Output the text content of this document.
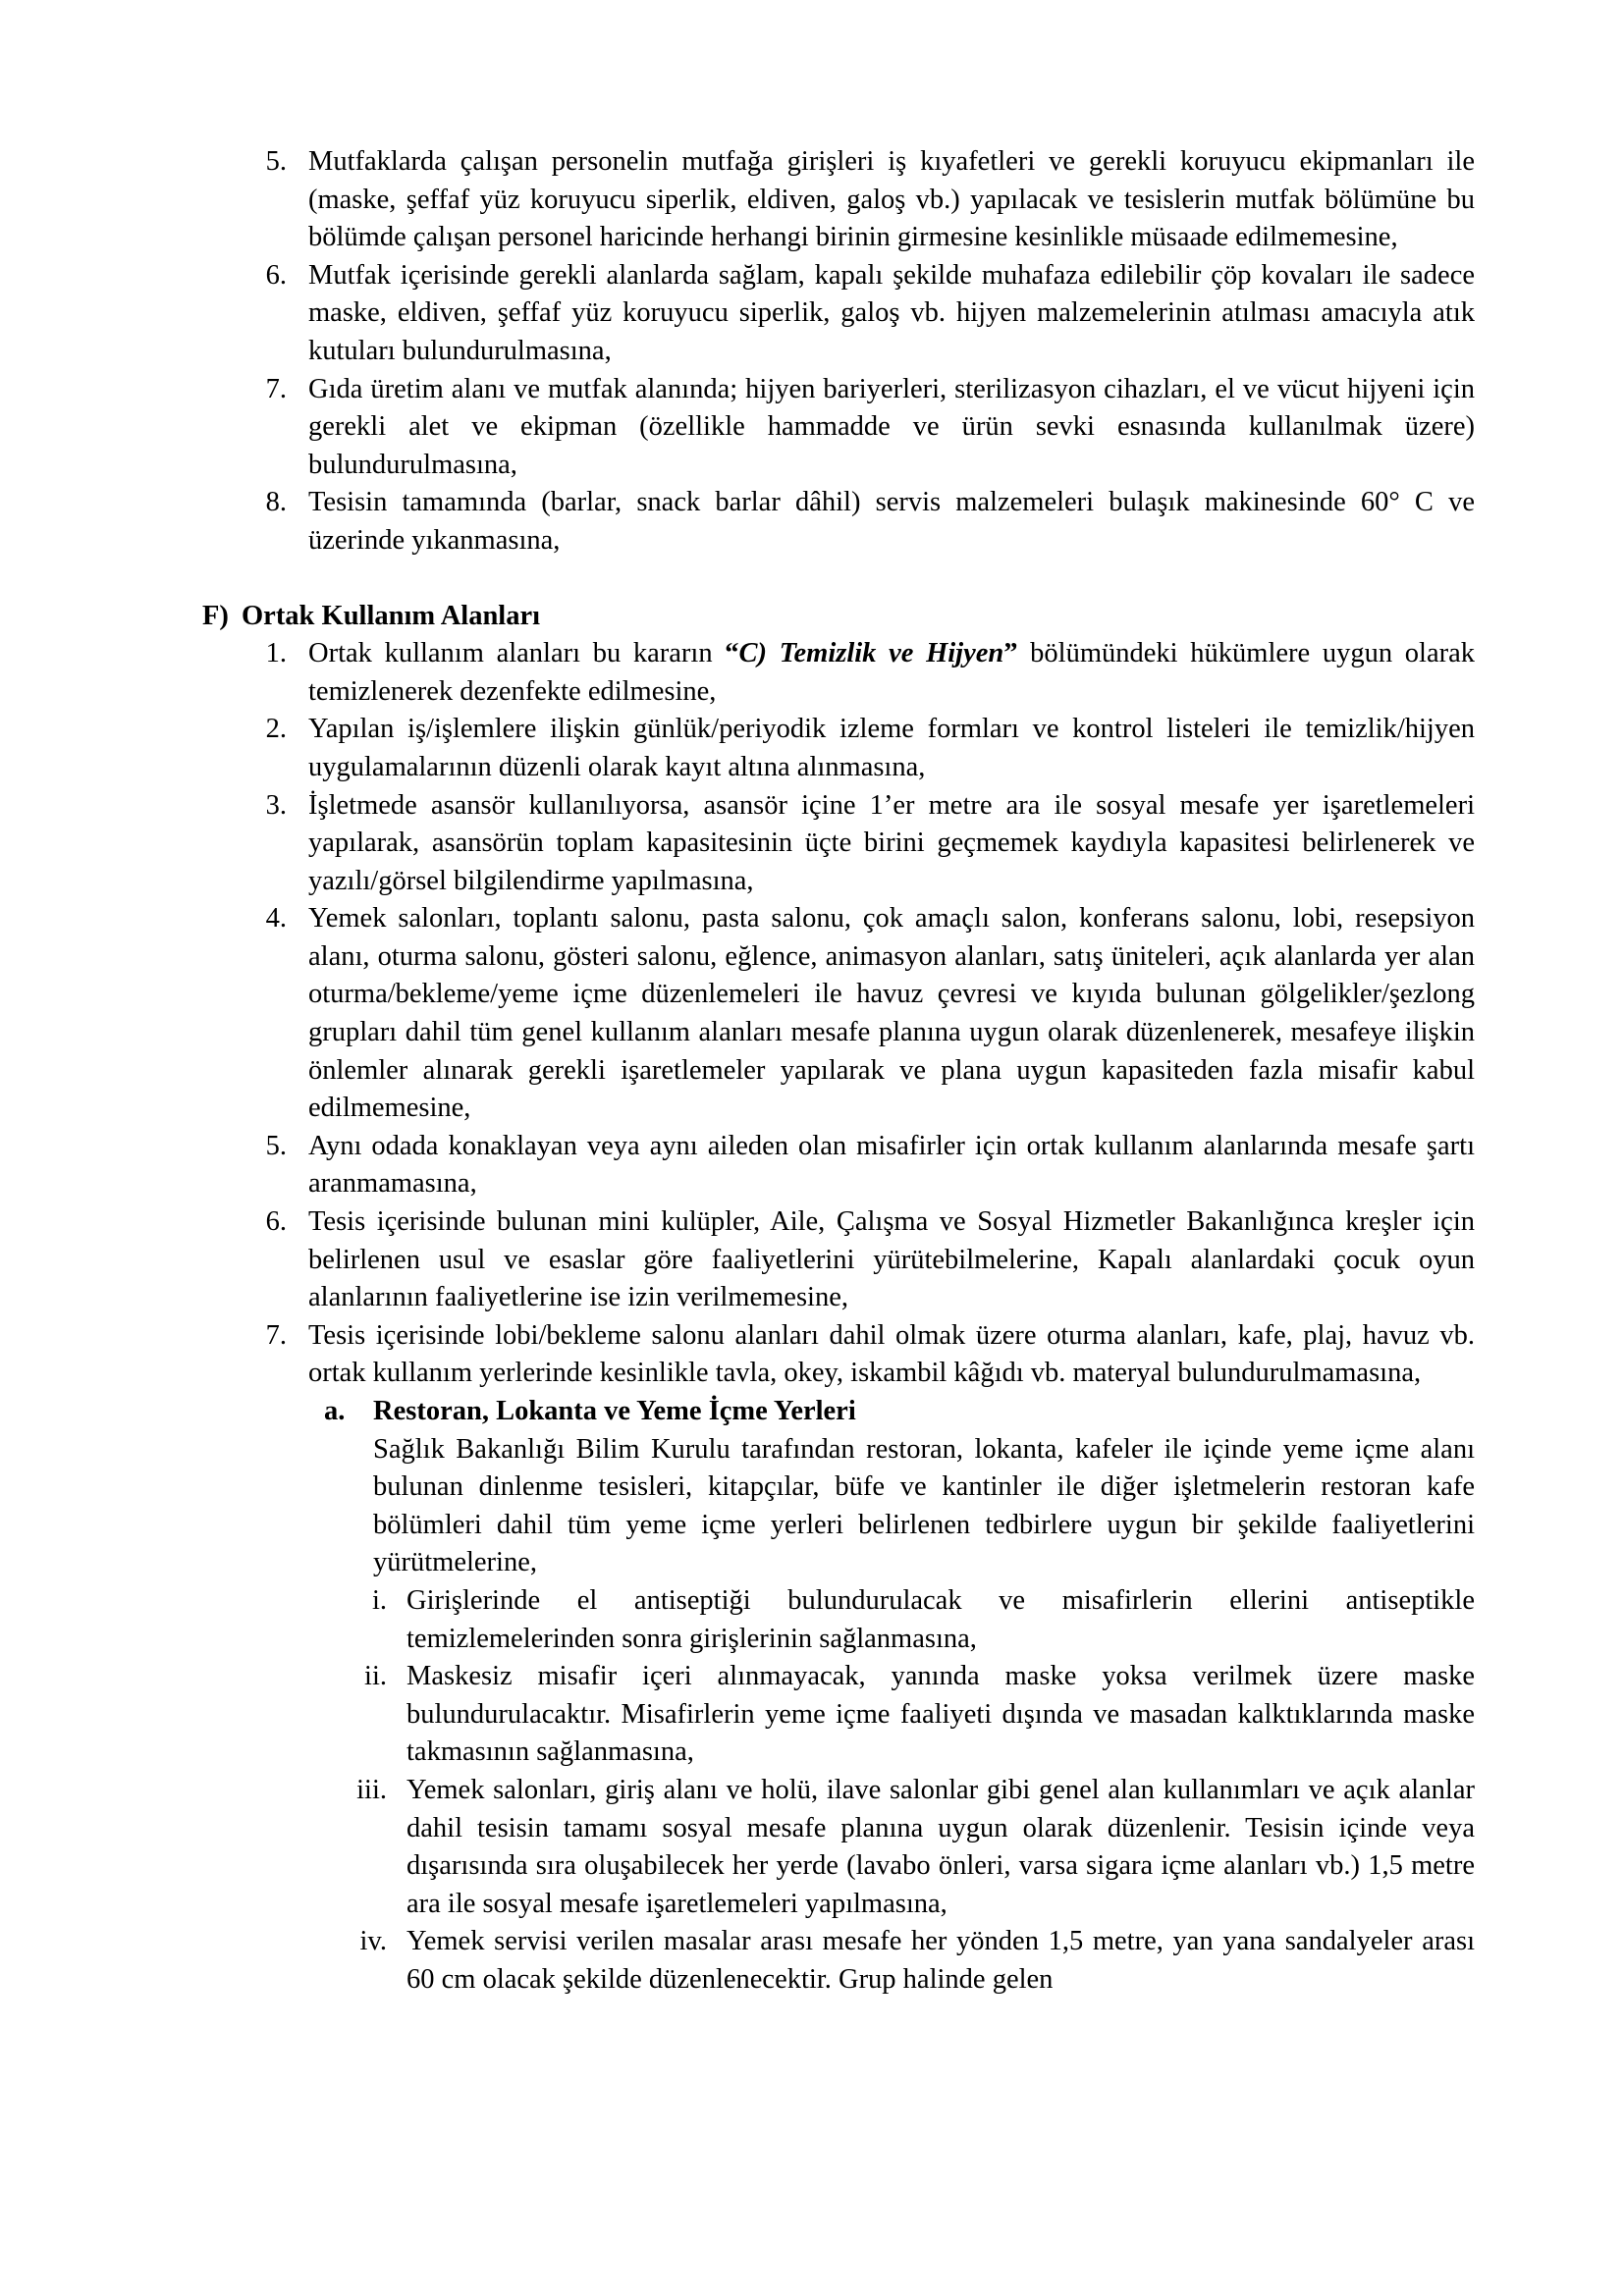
5. Mutfaklarda çalışan personelin mutfağa girişleri iş kıyafetleri ve gerekli koruyucu ekipmanları ile (maske, şeffaf yüz koruyucu siperlik, eldiven, galoş vb.) yapılacak ve tesislerin mutfak bölümüne bu bölümde çalışan personel haricinde herhangi birinin girmesine kesinlikle müsaade edilmemesine,
6. Mutfak içerisinde gerekli alanlarda sağlam, kapalı şekilde muhafaza edilebilir çöp kovaları ile sadece maske, eldiven, şeffaf yüz koruyucu siperlik, galoş vb. hijyen malzemelerinin atılması amacıyla atık kutuları bulundurulmasına,
7. Gıda üretim alanı ve mutfak alanında; hijyen bariyerleri, sterilizasyon cihazları, el ve vücut hijyeni için gerekli alet ve ekipman (özellikle hammadde ve ürün sevki esnasında kullanılmak üzere) bulundurulmasına,
8. Tesisin tamamında (barlar, snack barlar dâhil) servis malzemeleri bulaşık makinesinde 60° C ve üzerinde yıkanmasına,
F) Ortak Kullanım Alanları
1. Ortak kullanım alanları bu kararın “C) Temizlik ve Hijyen” bölümündeki hükümlere uygun olarak temizlenerek dezenfekte edilmesine,
2. Yapılan iş/işlemlere ilişkin günlük/periyodik izleme formları ve kontrol listeleri ile temizlik/hijyen uygulamalarının düzenli olarak kayıt altına alınmasına,
3. İşletmede asansör kullanılıyorsa, asansör içine 1’er metre ara ile sosyal mesafe yer işaretlemeleri yapılarak, asansörün toplam kapasitesinin üçte birini geçmemek kaydıyla kapasitesi belirlenerek ve yazılı/görsel bilgilendirme yapılmasına,
4. Yemek salonları, toplantı salonu, pasta salonu, çok amaçlı salon, konferans salonu, lobi, resepsiyon alanı, oturma salonu, gösteri salonu, eğlence, animasyon alanları, satış üniteleri, açık alanlarda yer alan oturma/bekleme/yeme içme düzenlemeleri ile havuz çevresi ve kıyıda bulunan gölgelikler/şezlong grupları dahil tüm genel kullanım alanları mesafe planına uygun olarak düzenlenerek, mesafeye ilişkin önlemler alınarak gerekli işaretlemeler yapılarak ve plana uygun kapasiteden fazla misafir kabul edilmemesine,
5. Aynı odada konaklayan veya aynı aileden olan misafirler için ortak kullanım alanlarında mesafe şartı aranmamasına,
6. Tesis içerisinde bulunan mini kulüpler, Aile, Çalışma ve Sosyal Hizmetler Bakanlığınca kreşler için belirlenen usul ve esaslar göre faaliyetlerini yürütebilmelerine, Kapalı alanlardaki çocuk oyun alanlarının faaliyetlerine ise izin verilmemesine,
7. Tesis içerisinde lobi/bekleme salonu alanları dahil olmak üzere oturma alanları, kafe, plaj, havuz vb. ortak kullanım yerlerinde kesinlikle tavla, okey, iskambil kâğıdı vb. materyal bulundurulmamasına,
a. Restoran, Lokanta ve Yeme İçme Yerleri
Sağlık Bakanlığı Bilim Kurulu tarafından restoran, lokanta, kafeler ile içinde yeme içme alanı bulunan dinlenme tesisleri, kitapçılar, büfe ve kantinler ile diğer işletmelerin restoran kafe bölümleri dahil tüm yeme içme yerleri belirlenen tedbirlere uygun bir şekilde faaliyetlerini yürütmelerine,
i. Girişlerinde el antiseptiği bulundurulacak ve misafirlerin ellerini antiseptikle temizlemelerinden sonra girişlerinin sağlanmasına,
ii. Maskesiz misafir içeri alınmayacak, yanında maske yoksa verilmek üzere maske bulundurulacaktır. Misafirlerin yeme içme faaliyeti dışında ve masadan kalktıklarında maske takmasının sağlanmasına,
iii. Yemek salonları, giriş alanı ve holü, ilave salonlar gibi genel alan kullanımları ve açık alanlar dahil tesisin tamamı sosyal mesafe planına uygun olarak düzenlenir. Tesisin içinde veya dışarısında sıra oluşabilecek her yerde (lavabo önleri, varsa sigara içme alanları vb.) 1,5 metre ara ile sosyal mesafe işaretlemeleri yapılmasına,
iv. Yemek servisi verilen masalar arası mesafe her yönden 1,5 metre, yan yana sandalyeler arası 60 cm olacak şekilde düzenlenecektir. Grup halinde gelen
